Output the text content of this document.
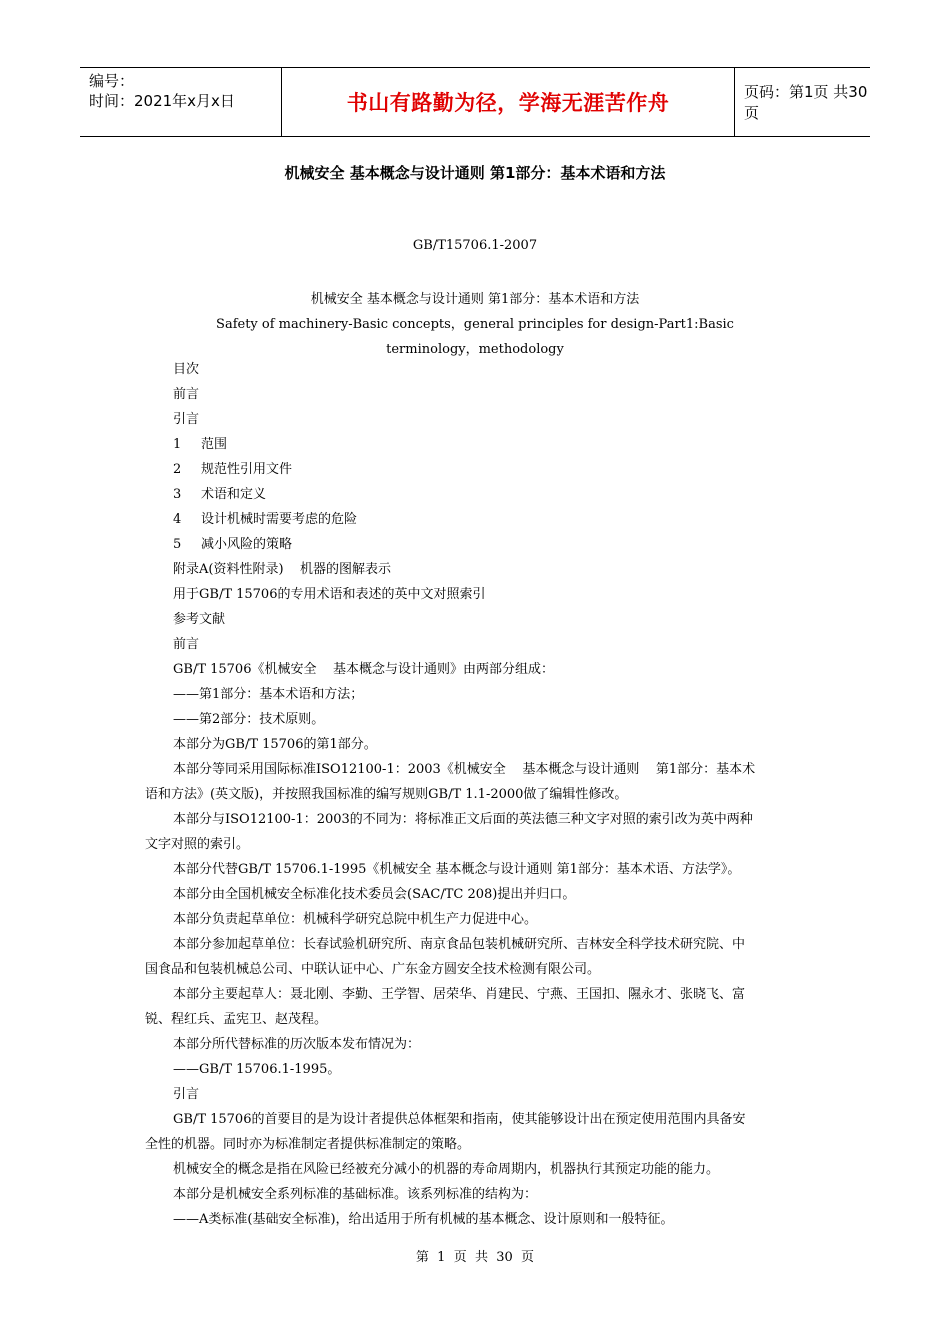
编号：
时间：2021年x月x日	书山有路勤为径，学海无涯苦作舟	页码：第1页 共30页
机械安全 基本概念与设计通则 第1部分：基本术语和方法
GB/T15706.1-2007
机械安全 基本概念与设计通则 第1部分：基本术语和方法
Safety of machinery-Basic concepts，general principles for design-Part1:Basic
terminology，methodology
目次
前言
引言
1 范围
2 规范性引用文件
3 术语和定义
4 设计机械时需要考虑的危险
5 减小风险的策略
附录A(资料性附录)    机器的图解表示
用于GB/T 15706的专用术语和表述的英中文对照索引
参考文献
前言
GB/T 15706《机械安全    基本概念与设计通则》由两部分组成：
——第1部分：基本术语和方法；
——第2部分：技术原则。
本部分为GB/T 15706的第1部分。
本部分等同采用国际标准ISO12100-1：2003《机械安全    基本概念与设计通则    第1部分：基本术
语和方法》(英文版)，并按照我国标准的编写规则GB/T 1.1-2000做了编辑性修改。
本部分与ISO12100-1：2003的不同为：将标准正文后面的英法德三种文字对照的索引改为英中两种
文字对照的索引。
本部分代替GB/T 15706.1-1995《机械安全 基本概念与设计通则 第1部分：基本术语、方法学》。
本部分由全国机械安全标准化技术委员会(SAC/TC 208)提出并归口。
本部分负责起草单位：机械科学研究总院中机生产力促进中心。
本部分参加起草单位：长春试验机研究所、南京食品包装机械研究所、吉林安全科学技术研究院、中
国食品和包装机械总公司、中联认证中心、广东金方圆安全技术检测有限公司。
本部分主要起草人：聂北刚、李勤、王学智、居荣华、肖建民、宁燕、王国扣、隰永才、张晓飞、富
锐、程红兵、孟宪卫、赵茂程。
本部分所代替标准的历次版本发布情况为：
——GB/T 15706.1-1995。
引言
GB/T 15706的首要目的是为设计者提供总体框架和指南，使其能够设计出在预定使用范围内具备安
全性的机器。同时亦为标准制定者提供标准制定的策略。
机械安全的概念是指在风险已经被充分减小的机器的寿命周期内，机器执行其预定功能的能力。
本部分是机械安全系列标准的基础标准。该系列标准的结构为：
——A类标准(基础安全标准)，给出适用于所有机械的基本概念、设计原则和一般特征。
第  1  页  共  30  页
